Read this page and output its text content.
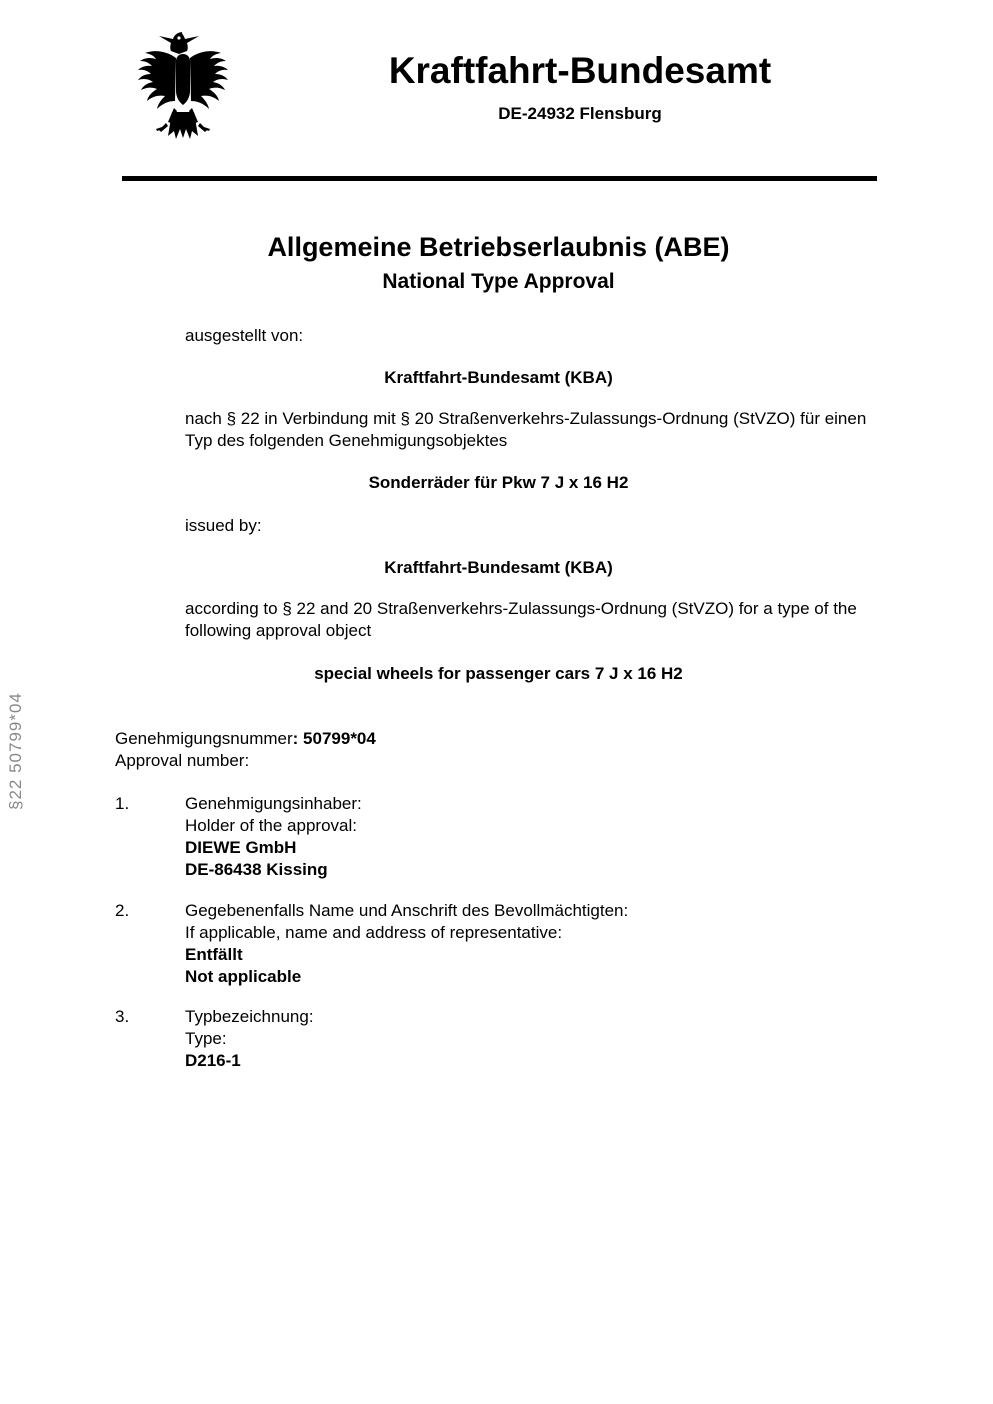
§22 50799*04
Kraftfahrt-Bundesamt
DE-24932 Flensburg
Allgemeine Betriebserlaubnis (ABE)
National Type Approval
ausgestellt von:
Kraftfahrt-Bundesamt (KBA)
nach § 22 in Verbindung mit § 20 Straßenverkehrs-Zulassungs-Ordnung (StVZO) für einen Typ des folgenden Genehmigungsobjektes
Sonderräder für Pkw 7 J x 16 H2
issued by:
Kraftfahrt-Bundesamt (KBA)
according to § 22 and 20 Straßenverkehrs-Zulassungs-Ordnung (StVZO) for a type of the following approval object
special wheels for passenger cars 7 J x 16 H2
Genehmigungsnummer: 50799*04
Approval number:
1.	Genehmigungsinhaber:
Holder of the approval:
DIEWE GmbH
DE-86438 Kissing
2.	Gegebenenfalls Name und Anschrift des Bevollmächtigten:
If applicable, name and address of representative:
Entfällt
Not applicable
3.	Typbezeichnung:
Type:
D216-1
